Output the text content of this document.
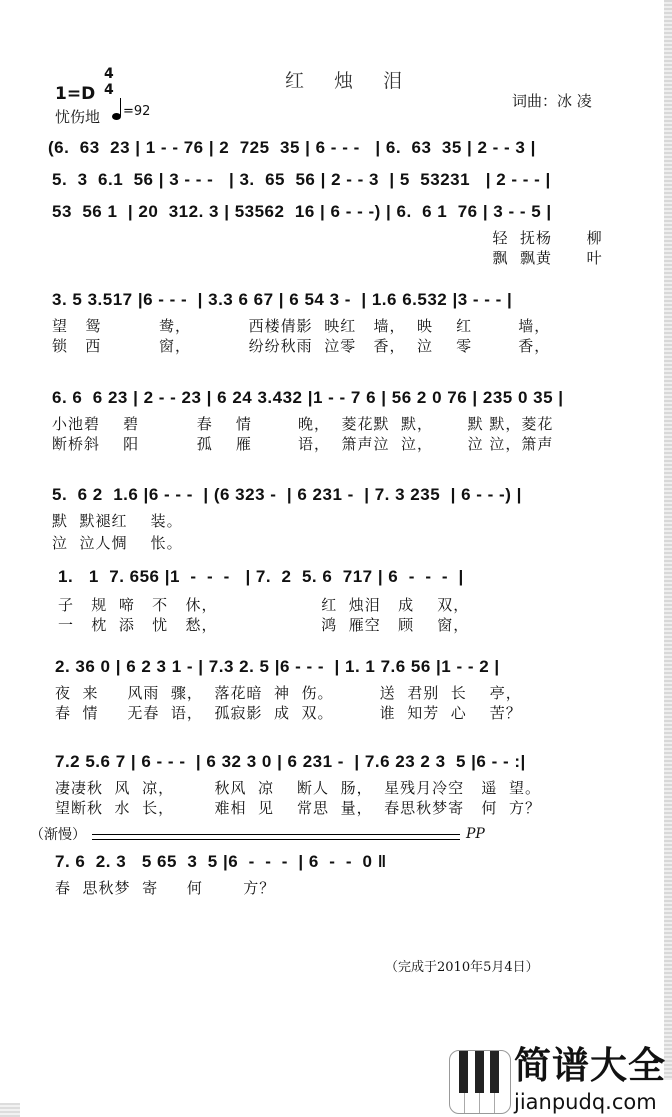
红 烛 泪
1=D
4
4
忧伤地	=92
词曲：冰 凌
(6.  63  23 | 1 - - 76 | 2  725  35 | 6 - - -   | 6.  63  35 | 2 - - 3 |
5.  3  6.1  56 | 3 - - -   | 3.  65  56 | 2 - - 3  | 5  53231   | 2 - - - |
53  56 1  | 20  312. 3 | 53562  16 | 6 - - -) | 6.  6 1  76 | 3 - - 5 |
轻  抚杨      柳
飘  飘黄      叶
3. 5 3.517 |6 - - -  | 3.3 6 67 | 6 54 3 -  | 1.6 6.532 |3 - - - |
望   鸳          鸯，          西楼倩影  映红   墙，  映    红        墙，
锁   西          窗，          纷纷秋雨  泣零   香，  泣    零        香，
6. 6  6 23 | 2 - - 23 | 6 24 3.432 |1 - - 7 6 | 56 2 0 76 | 235 0 35 |
小池碧    碧          春    情        晚，  菱花默  默，      默 默，菱花
断桥斜    阳          孤    雁        语，  箫声泣  泣，      泣 泣，箫声
5.  6 2  1.6 |6 - - -  | (6 323 -  | 6 231 -  | 7. 3 235  | 6 - - -) |
默  默褪红    装。
泣  泣人惆    怅。
1.   1  7. 656 |1  -  -  -   | 7.  2  5. 6  717 | 6  -  -  -  |
子   规  啼   不   休，                  红  烛泪   成    双，
一   枕  添   忧   愁，                  鸿  雁空   顾    窗，
2. 36 0 | 6 2 3 1 - | 7.3 2. 5 |6 - - -  | 1. 1 7.6 56 |1 - - 2 |
夜  来     风雨  骤，  落花暗  神  伤。        送  君别  长    亭，
春  情     无春  语，  孤寂影  成  双。        谁  知芳  心    苦？
7.2 5.6 7 | 6 - - -  | 6 32 3 0 | 6 231 -  | 7.6 23 2 3  5 |6 - - :|
凄凄秋  风  凉，       秋风  凉    断人  肠，  星残月冷空   遥  望。
望断秋  水  长，       难相  见    常思  量，  春思秋梦寄   何  方？
（渐慢）	PP
7. 6  2. 3   5 65  3  5 |6  -  -  -  | 6  -  -  0 ‖
春  思秋梦  寄     何       方？
（完成于2010年5月4日）
简谱大全
jianpudq.com
